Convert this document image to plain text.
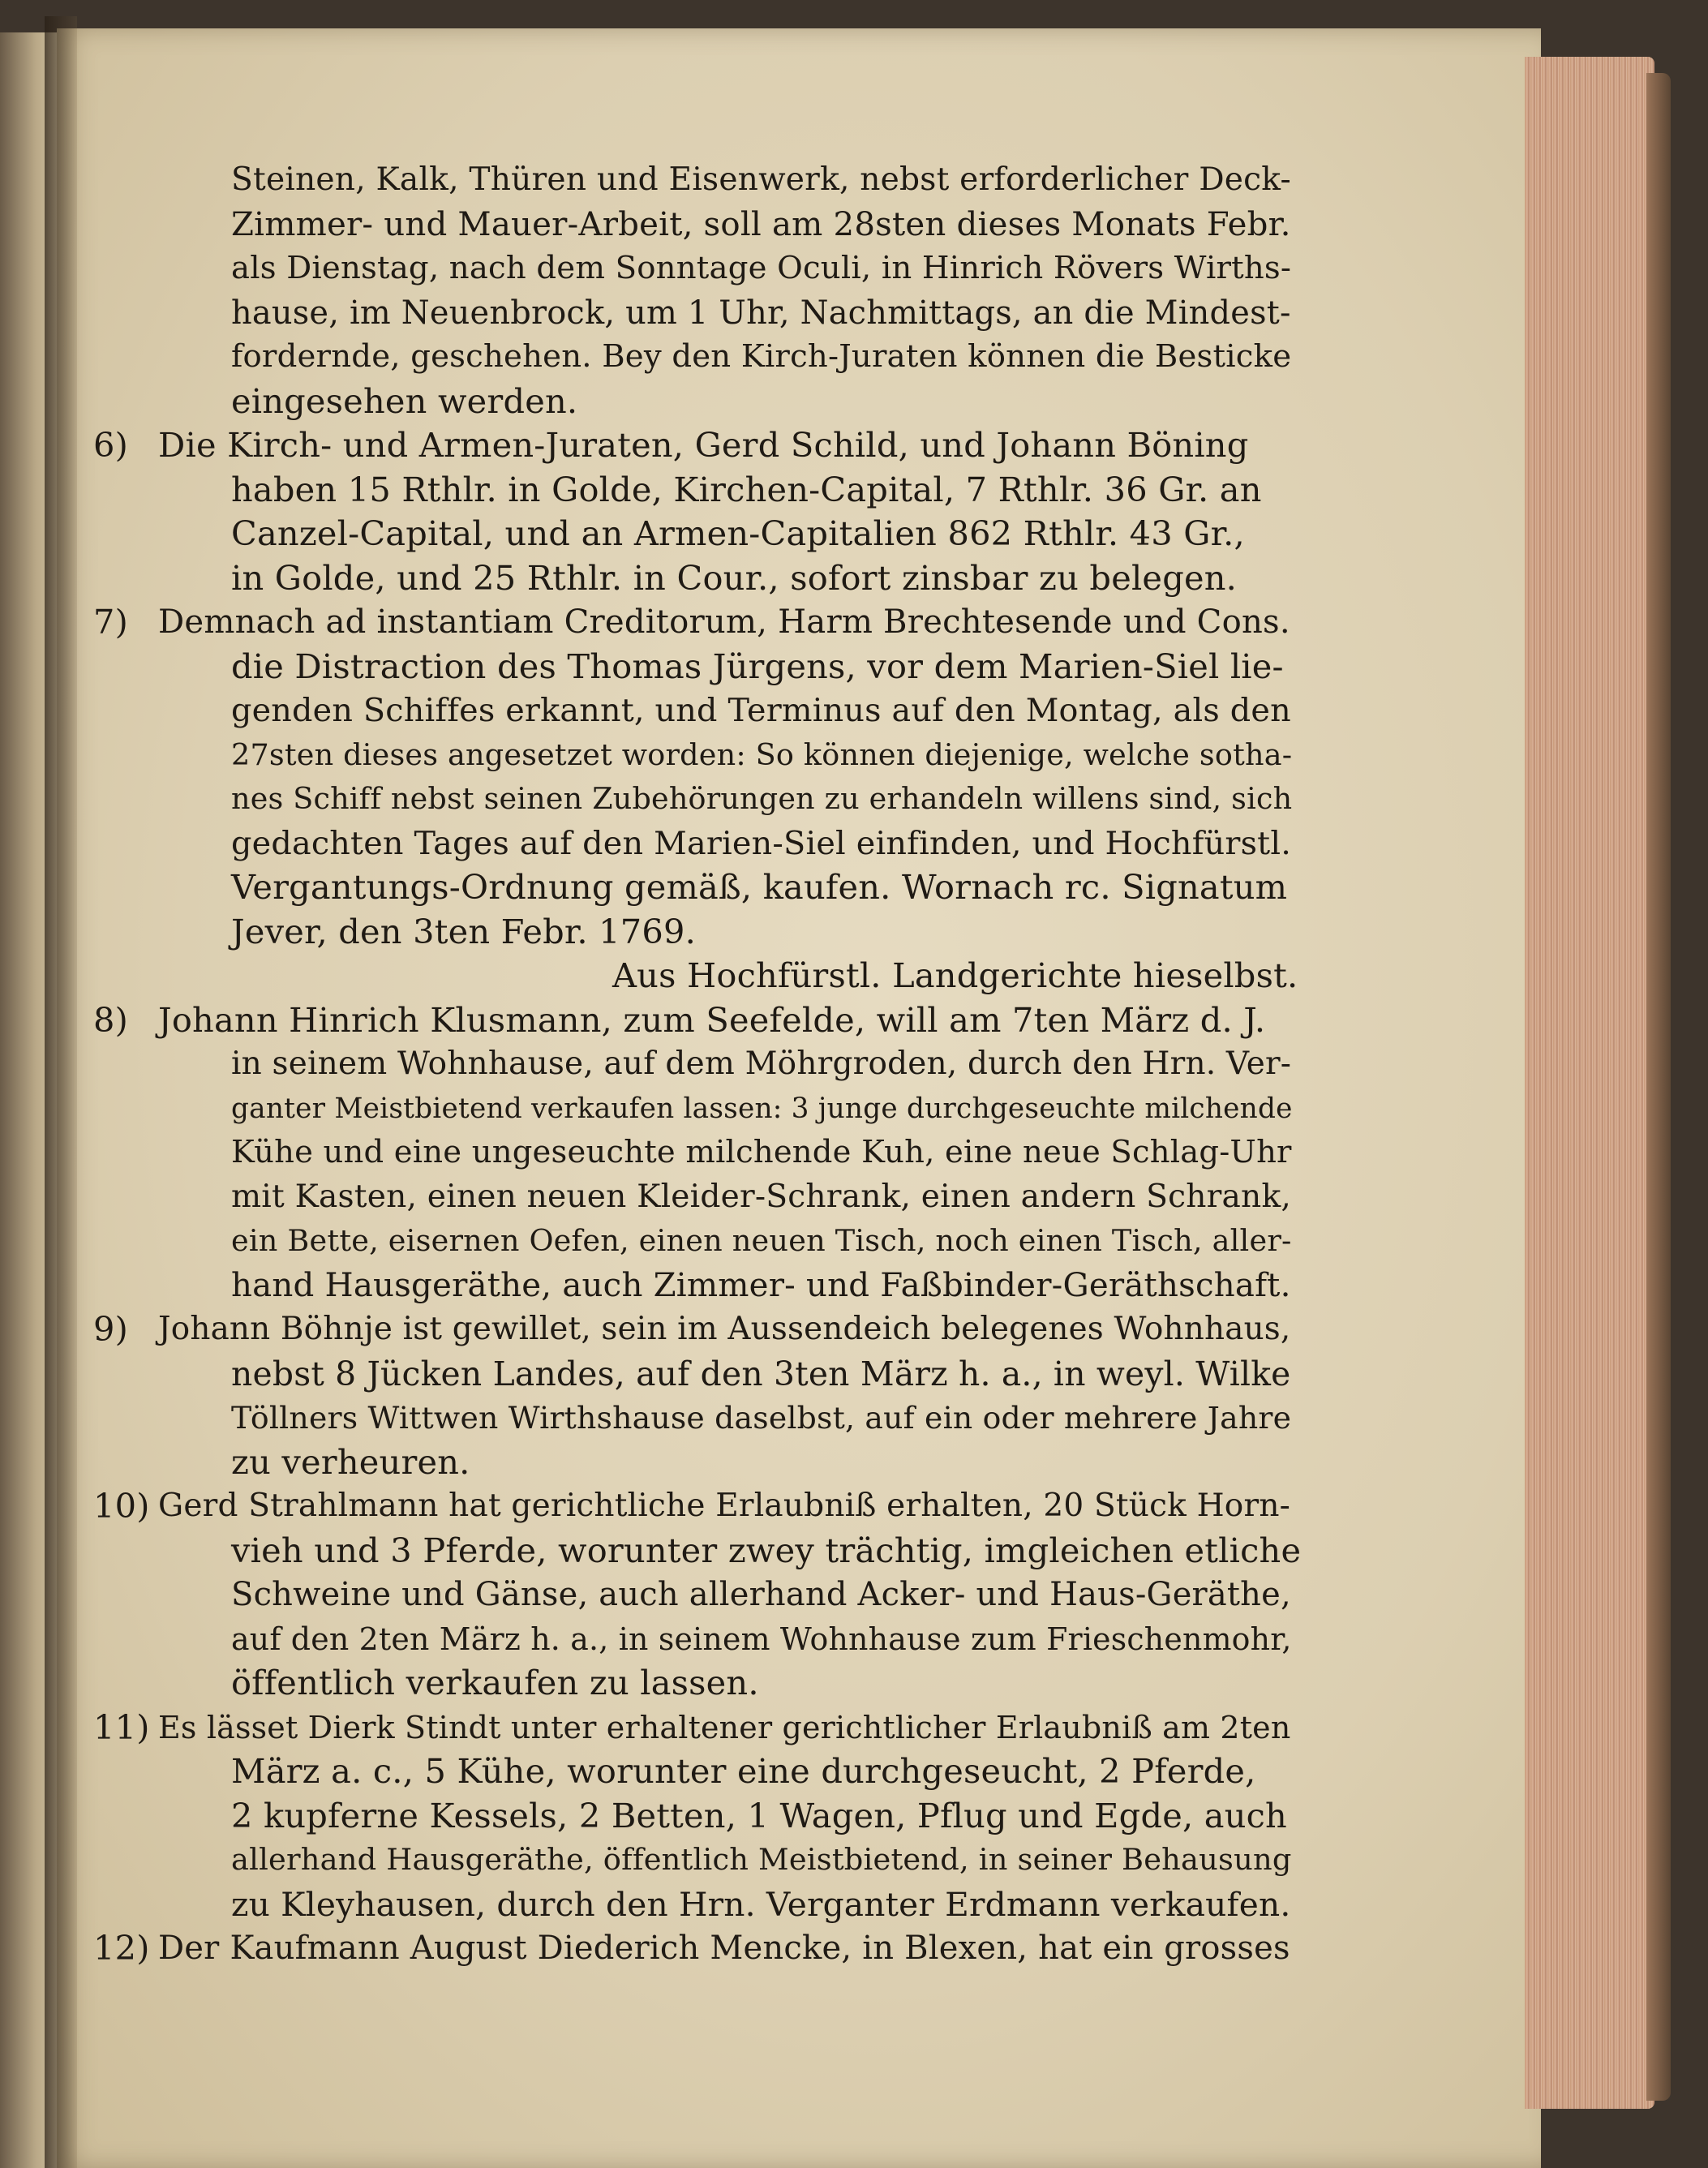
Steinen, Kalk, Thüren und Eisenwerk, nebst erforderlicher Deck-
Zimmer- und Mauer-Arbeit, soll am 28sten dieses Monats Febr.
als Dienstag, nach dem Sonntage Oculi, in Hinrich Rövers Wirths-
hause, im Neuenbrock, um 1 Uhr, Nachmittags, an die Mindest-
fordernde, geschehen. Bey den Kirch-Juraten können die Besticke
eingesehen werden.
6) Die Kirch- und Armen-Juraten, Gerd Schild, und Johann Böning
haben 15 Rthlr. in Golde, Kirchen-Capital, 7 Rthlr. 36 Gr. an
Canzel-Capital, und an Armen-Capitalien 862 Rthlr. 43 Gr.,
in Golde, und 25 Rthlr. in Cour., sofort zinsbar zu belegen.
7) Demnach ad instantiam Creditorum, Harm Brechtesende und Cons.
die Distraction des Thomas Jürgens, vor dem Marien-Siel lie-
genden Schiffes erkannt, und Terminus auf den Montag, als den
27sten dieses angesetzet worden: So können diejenige, welche sotha-
nes Schiff nebst seinen Zubehörungen zu erhandeln willens sind, sich
gedachten Tages auf den Marien-Siel einfinden, und Hochfürstl.
Vergantungs-Ordnung gemäß, kaufen. Wornach rc. Signatum
Jever, den 3ten Febr. 1769.
Aus Hochfürstl. Landgerichte hieselbst.
8) Johann Hinrich Klusmann, zum Seefelde, will am 7ten März d. J.
in seinem Wohnhause, auf dem Möhrgroden, durch den Hrn. Ver-
ganter Meistbietend verkaufen lassen: 3 junge durchgeseuchte milchende
Kühe und eine ungeseuchte milchende Kuh, eine neue Schlag-Uhr
mit Kasten, einen neuen Kleider-Schrank, einen andern Schrank,
ein Bette, eisernen Oefen, einen neuen Tisch, noch einen Tisch, aller-
hand Hausgeräthe, auch Zimmer- und Faßbinder-Geräthschaft.
9) Johann Böhnje ist gewillet, sein im Aussendeich belegenes Wohnhaus,
nebst 8 Jücken Landes, auf den 3ten März h. a., in weyl. Wilke
Töllners Wittwen Wirthshause daselbst, auf ein oder mehrere Jahre
zu verheuren.
10) Gerd Strahlmann hat gerichtliche Erlaubniß erhalten, 20 Stück Horn-
vieh und 3 Pferde, worunter zwey trächtig, imgleichen etliche
Schweine und Gänse, auch allerhand Acker- und Haus-Geräthe,
auf den 2ten März h. a., in seinem Wohnhause zum Frieschenmohr,
öffentlich verkaufen zu lassen.
11) Es lässet Dierk Stindt unter erhaltener gerichtlicher Erlaubniß am 2ten
März a. c., 5 Kühe, worunter eine durchgeseucht, 2 Pferde,
2 kupferne Kessels, 2 Betten, 1 Wagen, Pflug und Egde, auch
allerhand Hausgeräthe, öffentlich Meistbietend, in seiner Behausung
zu Kleyhausen, durch den Hrn. Verganter Erdmann verkaufen.
12) Der Kaufmann August Diederich Mencke, in Blexen, hat ein grosses
